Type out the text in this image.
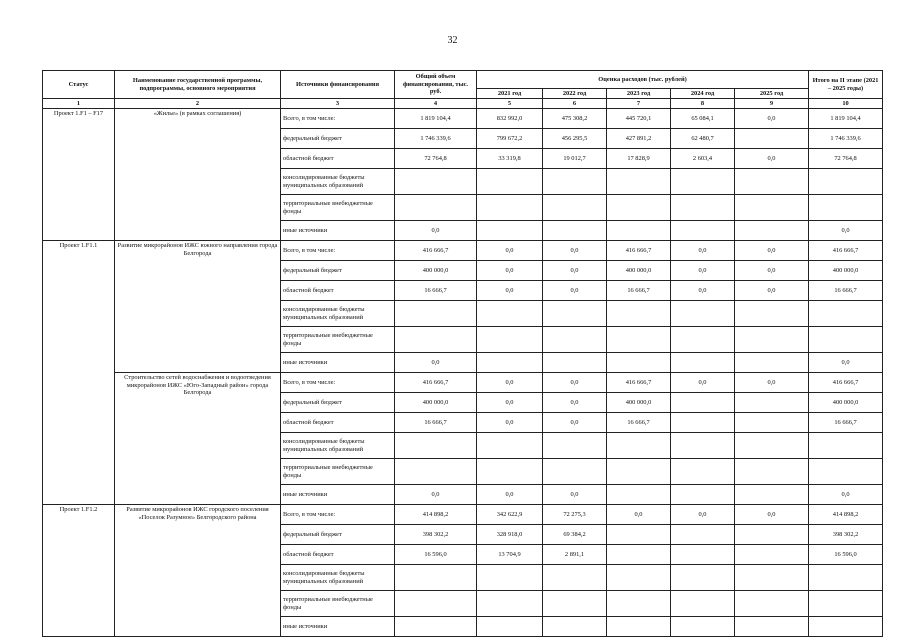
32
Статус	Наименование государственной программы, подпрограммы, основного мероприятия	Источники финансирования	Общий объем финансирования, тыс. руб.	Оценка расходов (тыс. рублей)					Итого на II этапе (2021 – 2025 годы)
				2021 год	2022 год	2023 год	2024 год	2025 год	
1	2	3	4	5	6	7	8	9	10
Проект 1.F1 – F17	«Жилье» (в рамках соглашения)	Всего, в том числе:	1 819 104,4	832 992,0	475 308,2	445 720,1	65 084,1	0,0	1 819 104,4
		федеральный бюджет	1 746 339,6	799 672,2	456 295,5	427 891,2	62 480,7		1 746 339,6
		областной бюджет	72 764,8	33 319,8	19 012,7	17 828,9	2 603,4	0,0	72 764,8
		консолидированные бюджеты муниципальных образований							
		территориальные внебюджетные фонды							
		иные источники	0,0						0,0
Проект 1.F1.1	Развитие микрорайонов ИЖС южного направления города Белгорода	Всего, в том числе:	416 666,7	0,0	0,0	416 666,7	0,0	0,0	416 666,7
		федеральный бюджет	400 000,0	0,0	0,0	400 000,0	0,0	0,0	400 000,0
		областной бюджет	16 666,7	0,0	0,0	16 666,7	0,0	0,0	16 666,7
		консолидированные бюджеты муниципальных образований							
		территориальные внебюджетные фонды							
		иные источники	0,0						0,0
	Строительство сетей водоснабжения и водоотведения микрорайонов ИЖС «Юго-Западный район» города Белгорода	Всего, в том числе:	416 666,7	0,0	0,0	416 666,7	0,0	0,0	416 666,7
		федеральный бюджет	400 000,0	0,0	0,0	400 000,0			400 000,0
		областной бюджет	16 666,7	0,0	0,0	16 666,7			16 666,7
		консолидированные бюджеты муниципальных образований							
		территориальные внебюджетные фонды							
		иные источники	0,0	0,0	0,0				0,0
Проект 1.F1.2	Развитие микрорайонов ИЖС городского поселения «Поселок Разумное» Белгородского района	Всего, в том числе:	414 898,2	342 622,9	72 275,3	0,0	0,0	0,0	414 898,2
		федеральный бюджет	398 302,2	328 918,0	69 384,2				398 302,2
		областной бюджет	16 596,0	13 704,9	2 891,1				16 596,0
		консолидированные бюджеты муниципальных образований							
		территориальные внебюджетные фонды							
		иные источники							
